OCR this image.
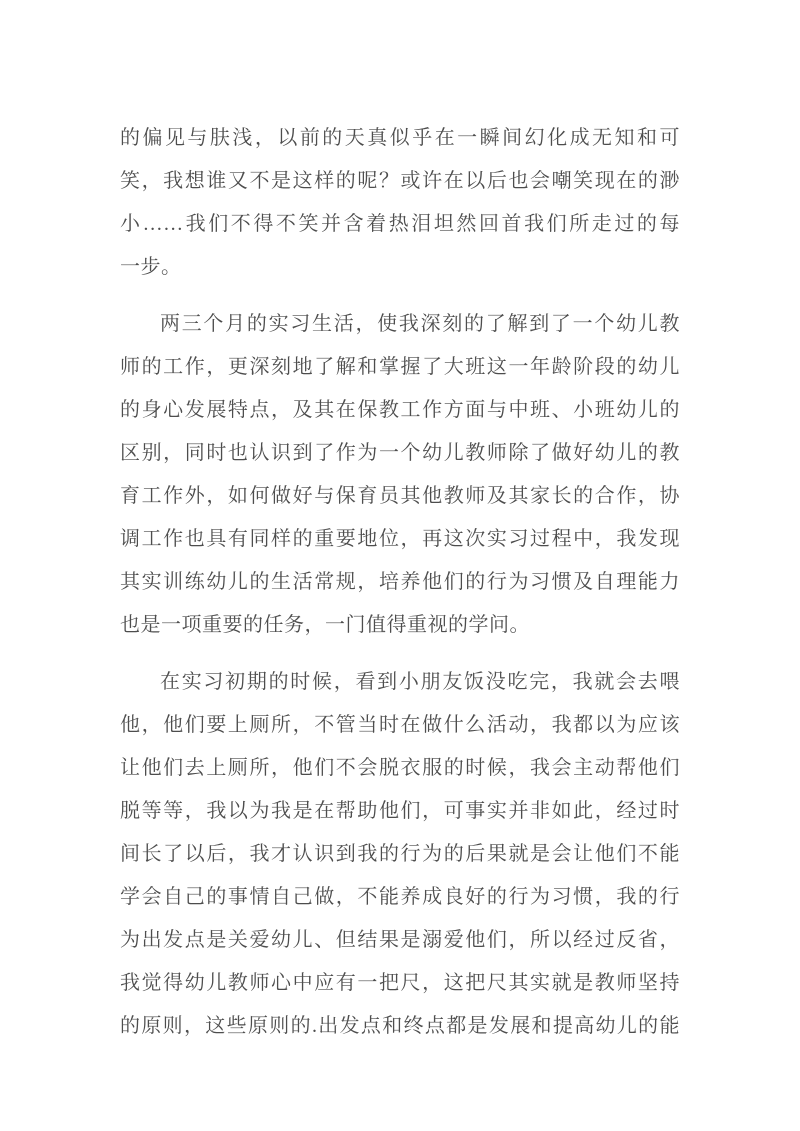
的偏见与肤浅，以前的天真似乎在一瞬间幻化成无知和可
笑，我想谁又不是这样的呢？或许在以后也会嘲笑现在的渺
小……我们不得不笑并含着热泪坦然回首我们所走过的每
一步。
两三个月的实习生活，使我深刻的了解到了一个幼儿教
师的工作，更深刻地了解和掌握了大班这一年龄阶段的幼儿
的身心发展特点，及其在保教工作方面与中班、小班幼儿的
区别，同时也认识到了作为一个幼儿教师除了做好幼儿的教
育工作外，如何做好与保育员其他教师及其家长的合作，协
调工作也具有同样的重要地位，再这次实习过程中，我发现
其实训练幼儿的生活常规，培养他们的行为习惯及自理能力
也是一项重要的任务，一门值得重视的学问。
在实习初期的时候，看到小朋友饭没吃完，我就会去喂
他，他们要上厕所，不管当时在做什么活动，我都以为应该
让他们去上厕所，他们不会脱衣服的时候，我会主动帮他们
脱等等，我以为我是在帮助他们，可事实并非如此，经过时
间长了以后，我才认识到我的行为的后果就是会让他们不能
学会自己的事情自己做，不能养成良好的行为习惯，我的行
为出发点是关爱幼儿、但结果是溺爱他们，所以经过反省，
我觉得幼儿教师心中应有一把尺，这把尺其实就是教师坚持
的原则，这些原则的.出发点和终点都是发展和提高幼儿的能
